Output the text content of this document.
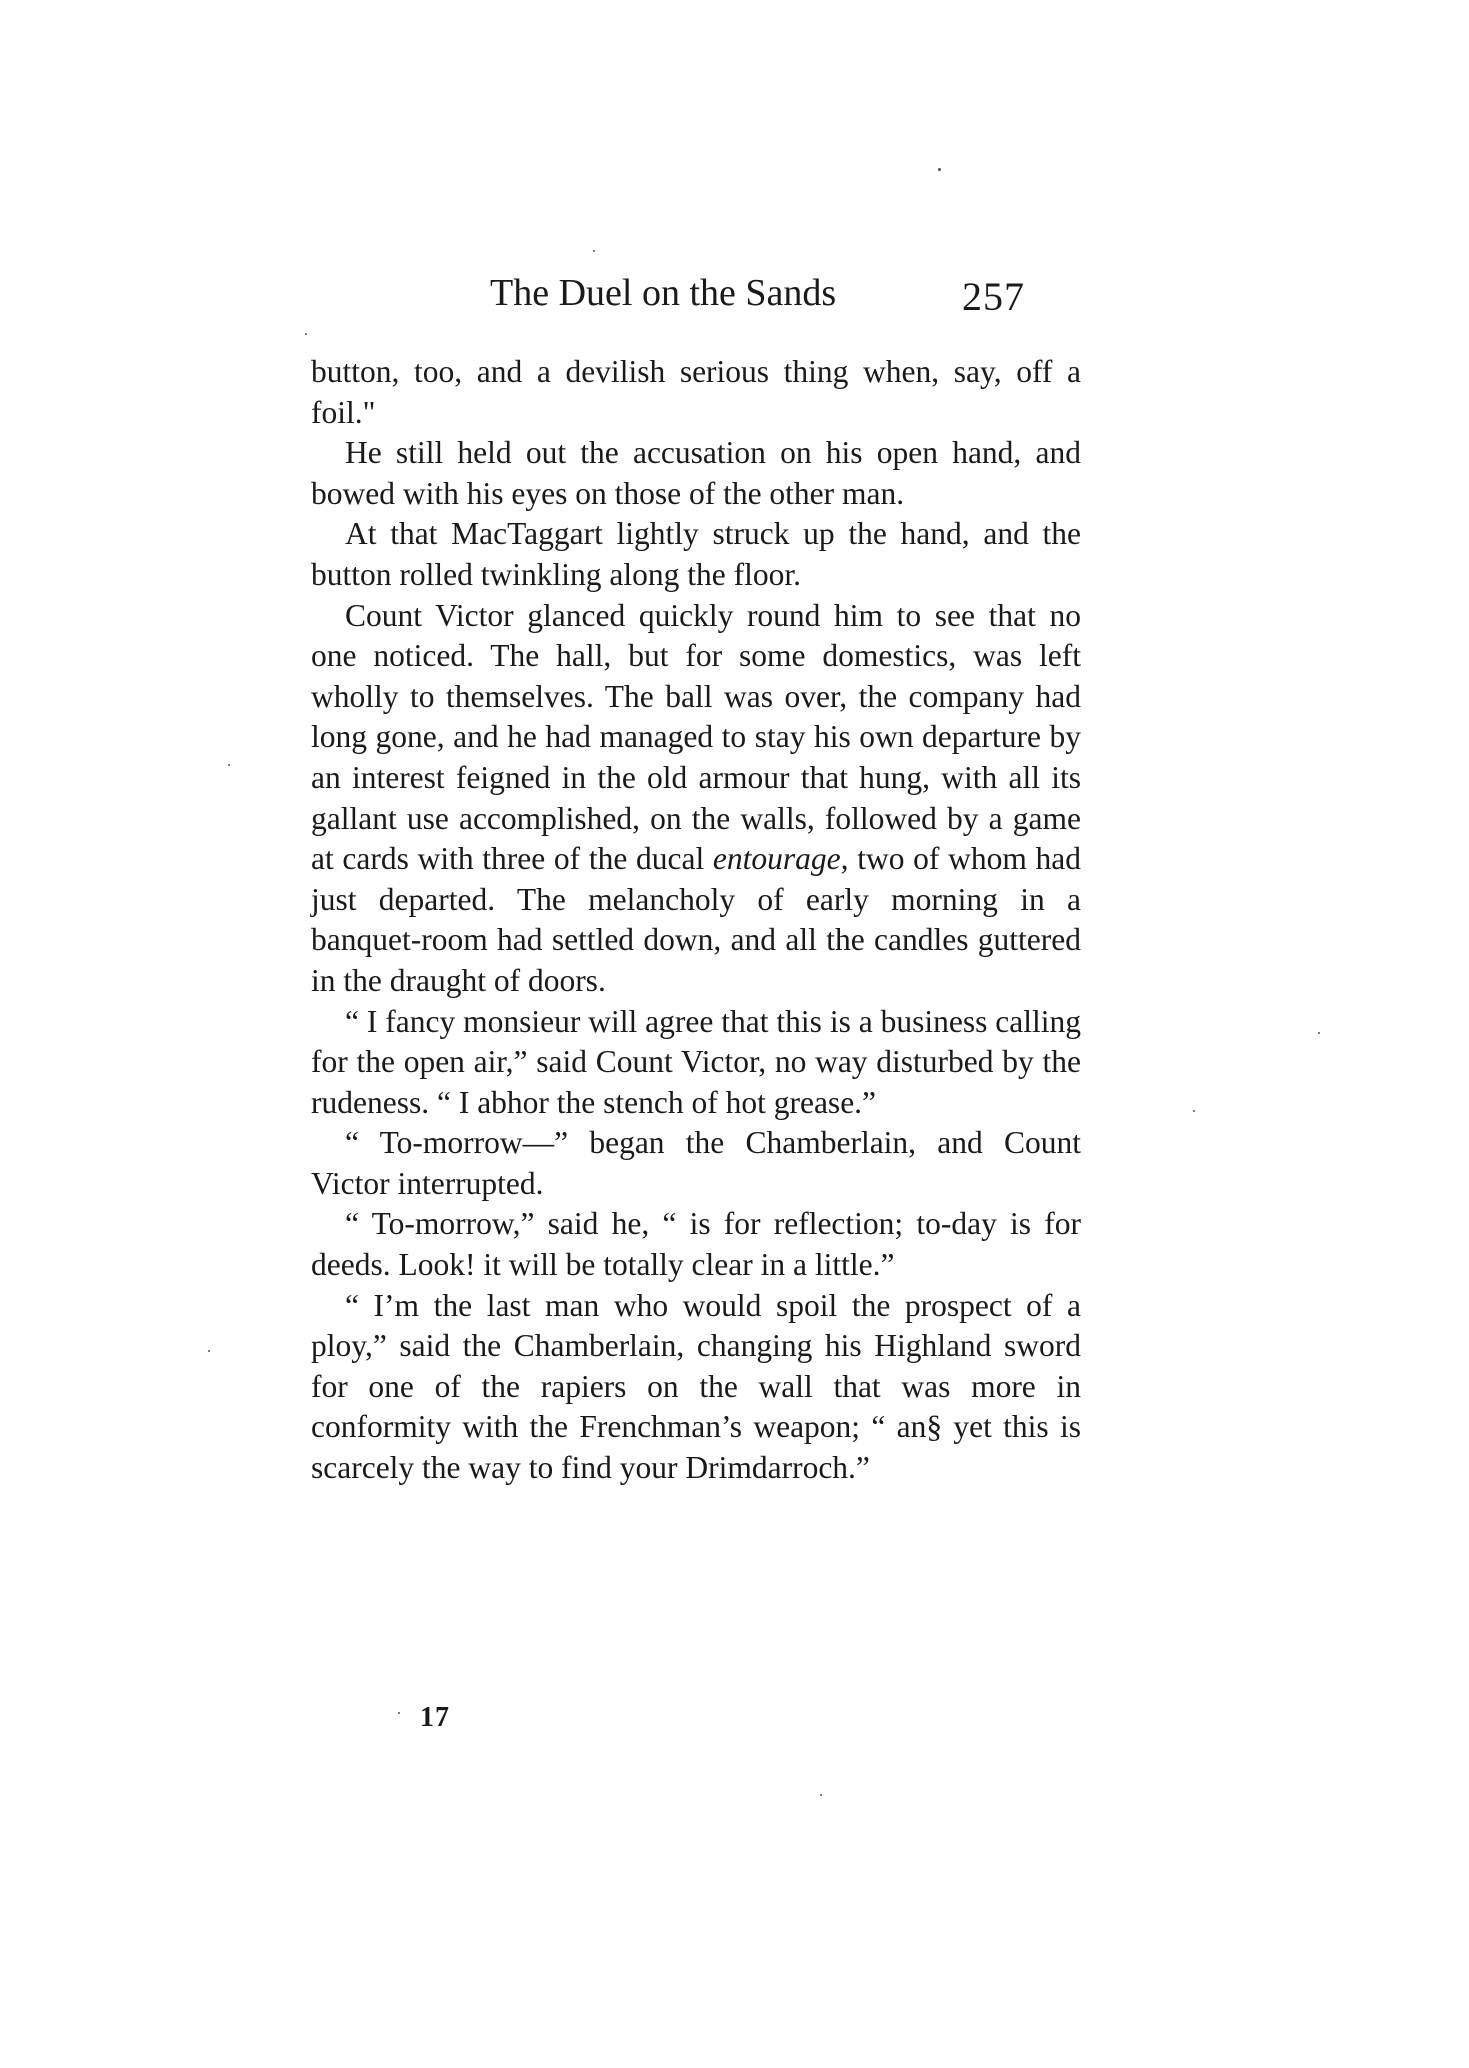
The Duel on the Sands	257

button, too, and a devilish serious thing when, say, off a foil."

He still held out the accusation on his open hand, and bowed with his eyes on those of the other man.

At that MacTaggart lightly struck up the hand, and the button rolled twinkling along the floor.

Count Victor glanced quickly round him to see that no one noticed. The hall, but for some domestics, was left wholly to themselves. The ball was over, the company had long gone, and he had managed to stay his own departure by an interest feigned in the old armour that hung, with all its gallant use accomplished, on the walls, followed by a game at cards with three of the ducal entourage, two of whom had just departed. The melancholy of early morning in a banquet-room had settled down, and all the candles guttered in the draught of doors.

“ I fancy monsieur will agree that this is a business calling for the open air,” said Count Victor, no way disturbed by the rudeness. “ I abhor the stench of hot grease.”

“ To-morrow—” began the Chamberlain, and Count Victor interrupted.

“ To-morrow,” said he, “ is for reflection; to-day is for deeds. Look! it will be totally clear in a little.”

“ I’m the last man who would spoil the prospect of a ploy,” said the Chamberlain, changing his Highland sword for one of the rapiers on the wall that was more in conformity with the Frenchman’s weapon; “ an§ yet this is scarcely the way to find your Drimdarroch.”

17
